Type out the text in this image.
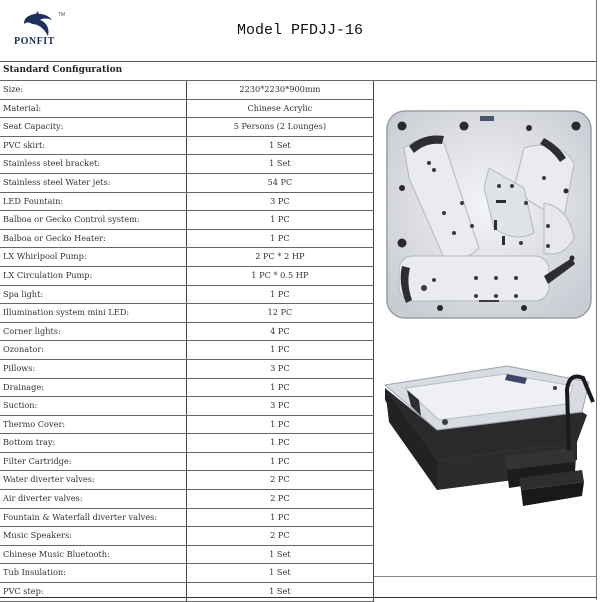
TM
PONFIT
Model PFDJJ-16
Standard Configuration
Size:	2230*2230*900mm
Material:	Chinese Acrylic
Seat Capacity:	5 Persons (2 Lounges)
PVC skirt:	1 Set
Stainless steel bracket:	1 Set
Stainless steel Water jets:	54 PC
LED Fountain:	3 PC
Balboa or Gecko Control system:	1 PC
Balboa or Gecko Heater:	1 PC
LX Whirlpool Pump:	2 PC * 2 HP
LX Circulation Pump:	1 PC * 0.5 HP
Spa light:	1 PC
Illumination system mini LED:	12 PC
Corner lights:	4 PC
Ozonator:	1 PC
Pillows:	3 PC
Drainage:	1 PC
Suction:	3 PC
Thermo Cover:	1 PC
Bottom tray:	1 PC
Filter Cartridge:	1 PC
Water diverter valves:	2 PC
Air diverter valves:	2 PC
Fountain & Waterfall diverter valves:	1 PC
Music Speakers:	2 PC
Chinese Music Bluetooth:	1 Set
Tub Insulation:	1 Set
PVC step:	1 Set
